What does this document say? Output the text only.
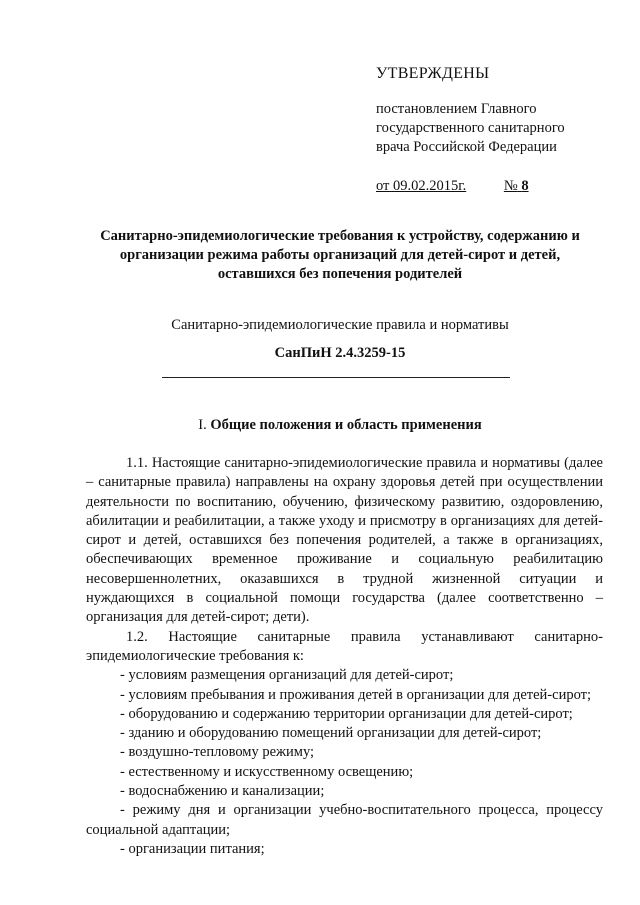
УТВЕРЖДЕНЫ
постановлением Главного
государственного санитарного
врача Российской Федерации
от 09.02.2015г.	№ 8
Санитарно-эпидемиологические требования к устройству, содержанию и
организации режима работы организаций для детей-сирот и детей,
оставшихся без попечения родителей
Санитарно-эпидемиологические правила и нормативы
СанПиН 2.4.3259-15
I. Общие положения и область применения

1.1. Настоящие санитарно-эпидемиологические правила и нормативы (далее – санитарные правила) направлены на охрану здоровья детей при осуществлении деятельности по воспитанию, обучению, физическому развитию, оздоровлению, абилитации и реабилитации, а также уходу и присмотру в организациях для детей-сирот и детей, оставшихся без попечения родителей, а также в организациях, обеспечивающих временное проживание и социальную реабилитацию несовершеннолетних, оказавшихся в трудной жизненной ситуации и нуждающихся в социальной помощи государства (далее соответственно – организация для детей-сирот; дети).

1.2. Настоящие санитарные правила устанавливают санитарно-эпидемиологические требования к:

- условиям размещения организаций для детей-сирот;

- условиям пребывания и проживания детей в организации для детей-сирот;

- оборудованию и содержанию территории организации для детей-сирот;

- зданию и оборудованию помещений организации для детей-сирот;

- воздушно-тепловому режиму;

- естественному и искусственному освещению;

- водоснабжению и канализации;

- режиму дня и организации учебно-воспитательного процесса, процессу социальной адаптации;

- организации питания;
